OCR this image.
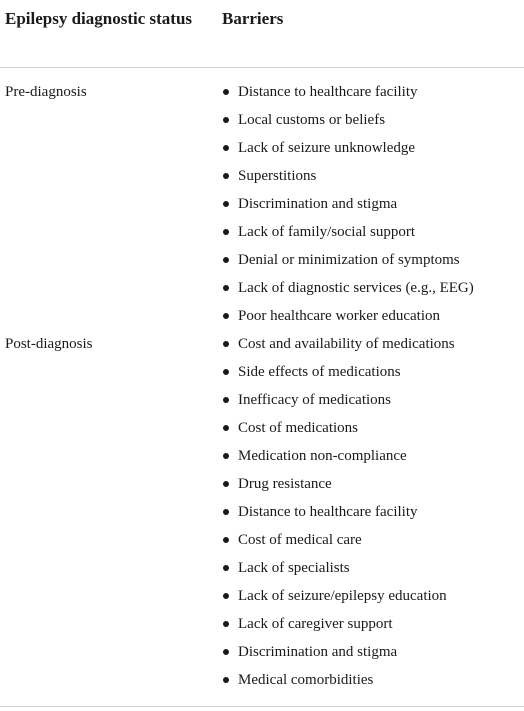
Epilepsy diagnostic status	Barriers
Pre-diagnosis
Post-diagnosis
Distance to healthcare facility
Local customs or beliefs
Lack of seizure unknowledge
Superstitions
Discrimination and stigma
Lack of family/social support
Denial or minimization of symptoms
Lack of diagnostic services (e.g., EEG)
Poor healthcare worker education
Cost and availability of medications
Side effects of medications
Inefficacy of medications
Cost of medications
Medication non-compliance
Drug resistance
Distance to healthcare facility
Cost of medical care
Lack of specialists
Lack of seizure/epilepsy education
Lack of caregiver support
Discrimination and stigma
Medical comorbidities
